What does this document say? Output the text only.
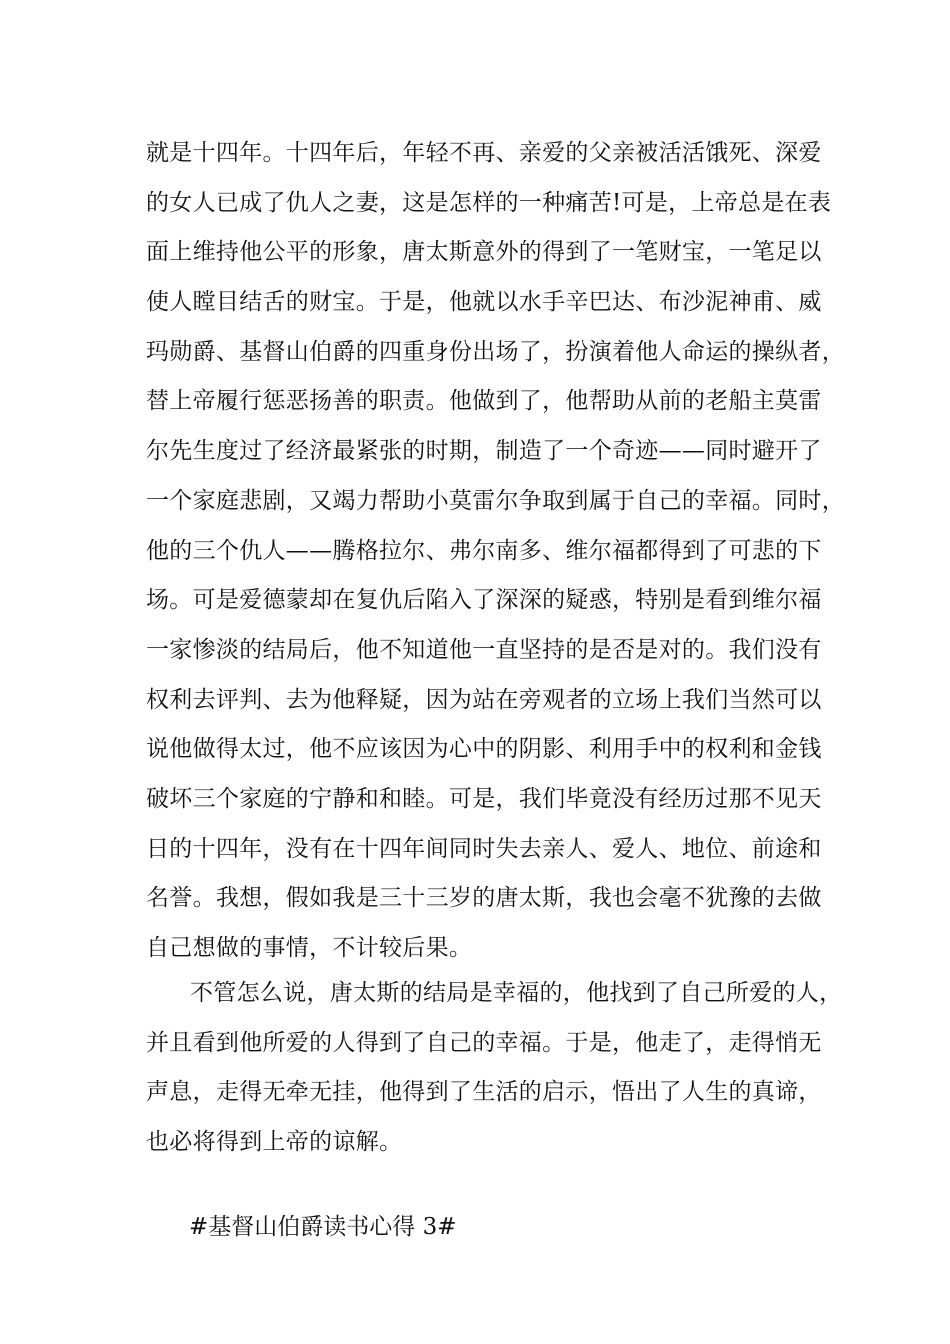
就是十四年。十四年后，年轻不再、亲爱的父亲被活活饿死、深爱
的女人已成了仇人之妻，这是怎样的一种痛苦!可是，上帝总是在表
面上维持他公平的形象，唐太斯意外的得到了一笔财宝，一笔足以
使人瞠目结舌的财宝。于是，他就以水手辛巴达、布沙泥神甫、威
玛勋爵、基督山伯爵的四重身份出场了，扮演着他人命运的操纵者，
替上帝履行惩恶扬善的职责。他做到了，他帮助从前的老船主莫雷
尔先生度过了经济最紧张的时期，制造了一个奇迹——同时避开了
一个家庭悲剧，又竭力帮助小莫雷尔争取到属于自己的幸福。同时，
他的三个仇人——腾格拉尔、弗尔南多、维尔福都得到了可悲的下
场。可是爱德蒙却在复仇后陷入了深深的疑惑，特别是看到维尔福
一家惨淡的结局后，他不知道他一直坚持的是否是对的。我们没有
权利去评判、去为他释疑，因为站在旁观者的立场上我们当然可以
说他做得太过，他不应该因为心中的阴影、利用手中的权利和金钱
破坏三个家庭的宁静和和睦。可是，我们毕竟没有经历过那不见天
日的十四年，没有在十四年间同时失去亲人、爱人、地位、前途和
名誉。我想，假如我是三十三岁的唐太斯，我也会毫不犹豫的去做
自己想做的事情，不计较后果。
不管怎么说，唐太斯的结局是幸福的，他找到了自己所爱的人，
并且看到他所爱的人得到了自己的幸福。于是，他走了，走得悄无
声息，走得无牵无挂，他得到了生活的启示，悟出了人生的真谛，
也必将得到上帝的谅解。
#基督山伯爵读书心得 3#
